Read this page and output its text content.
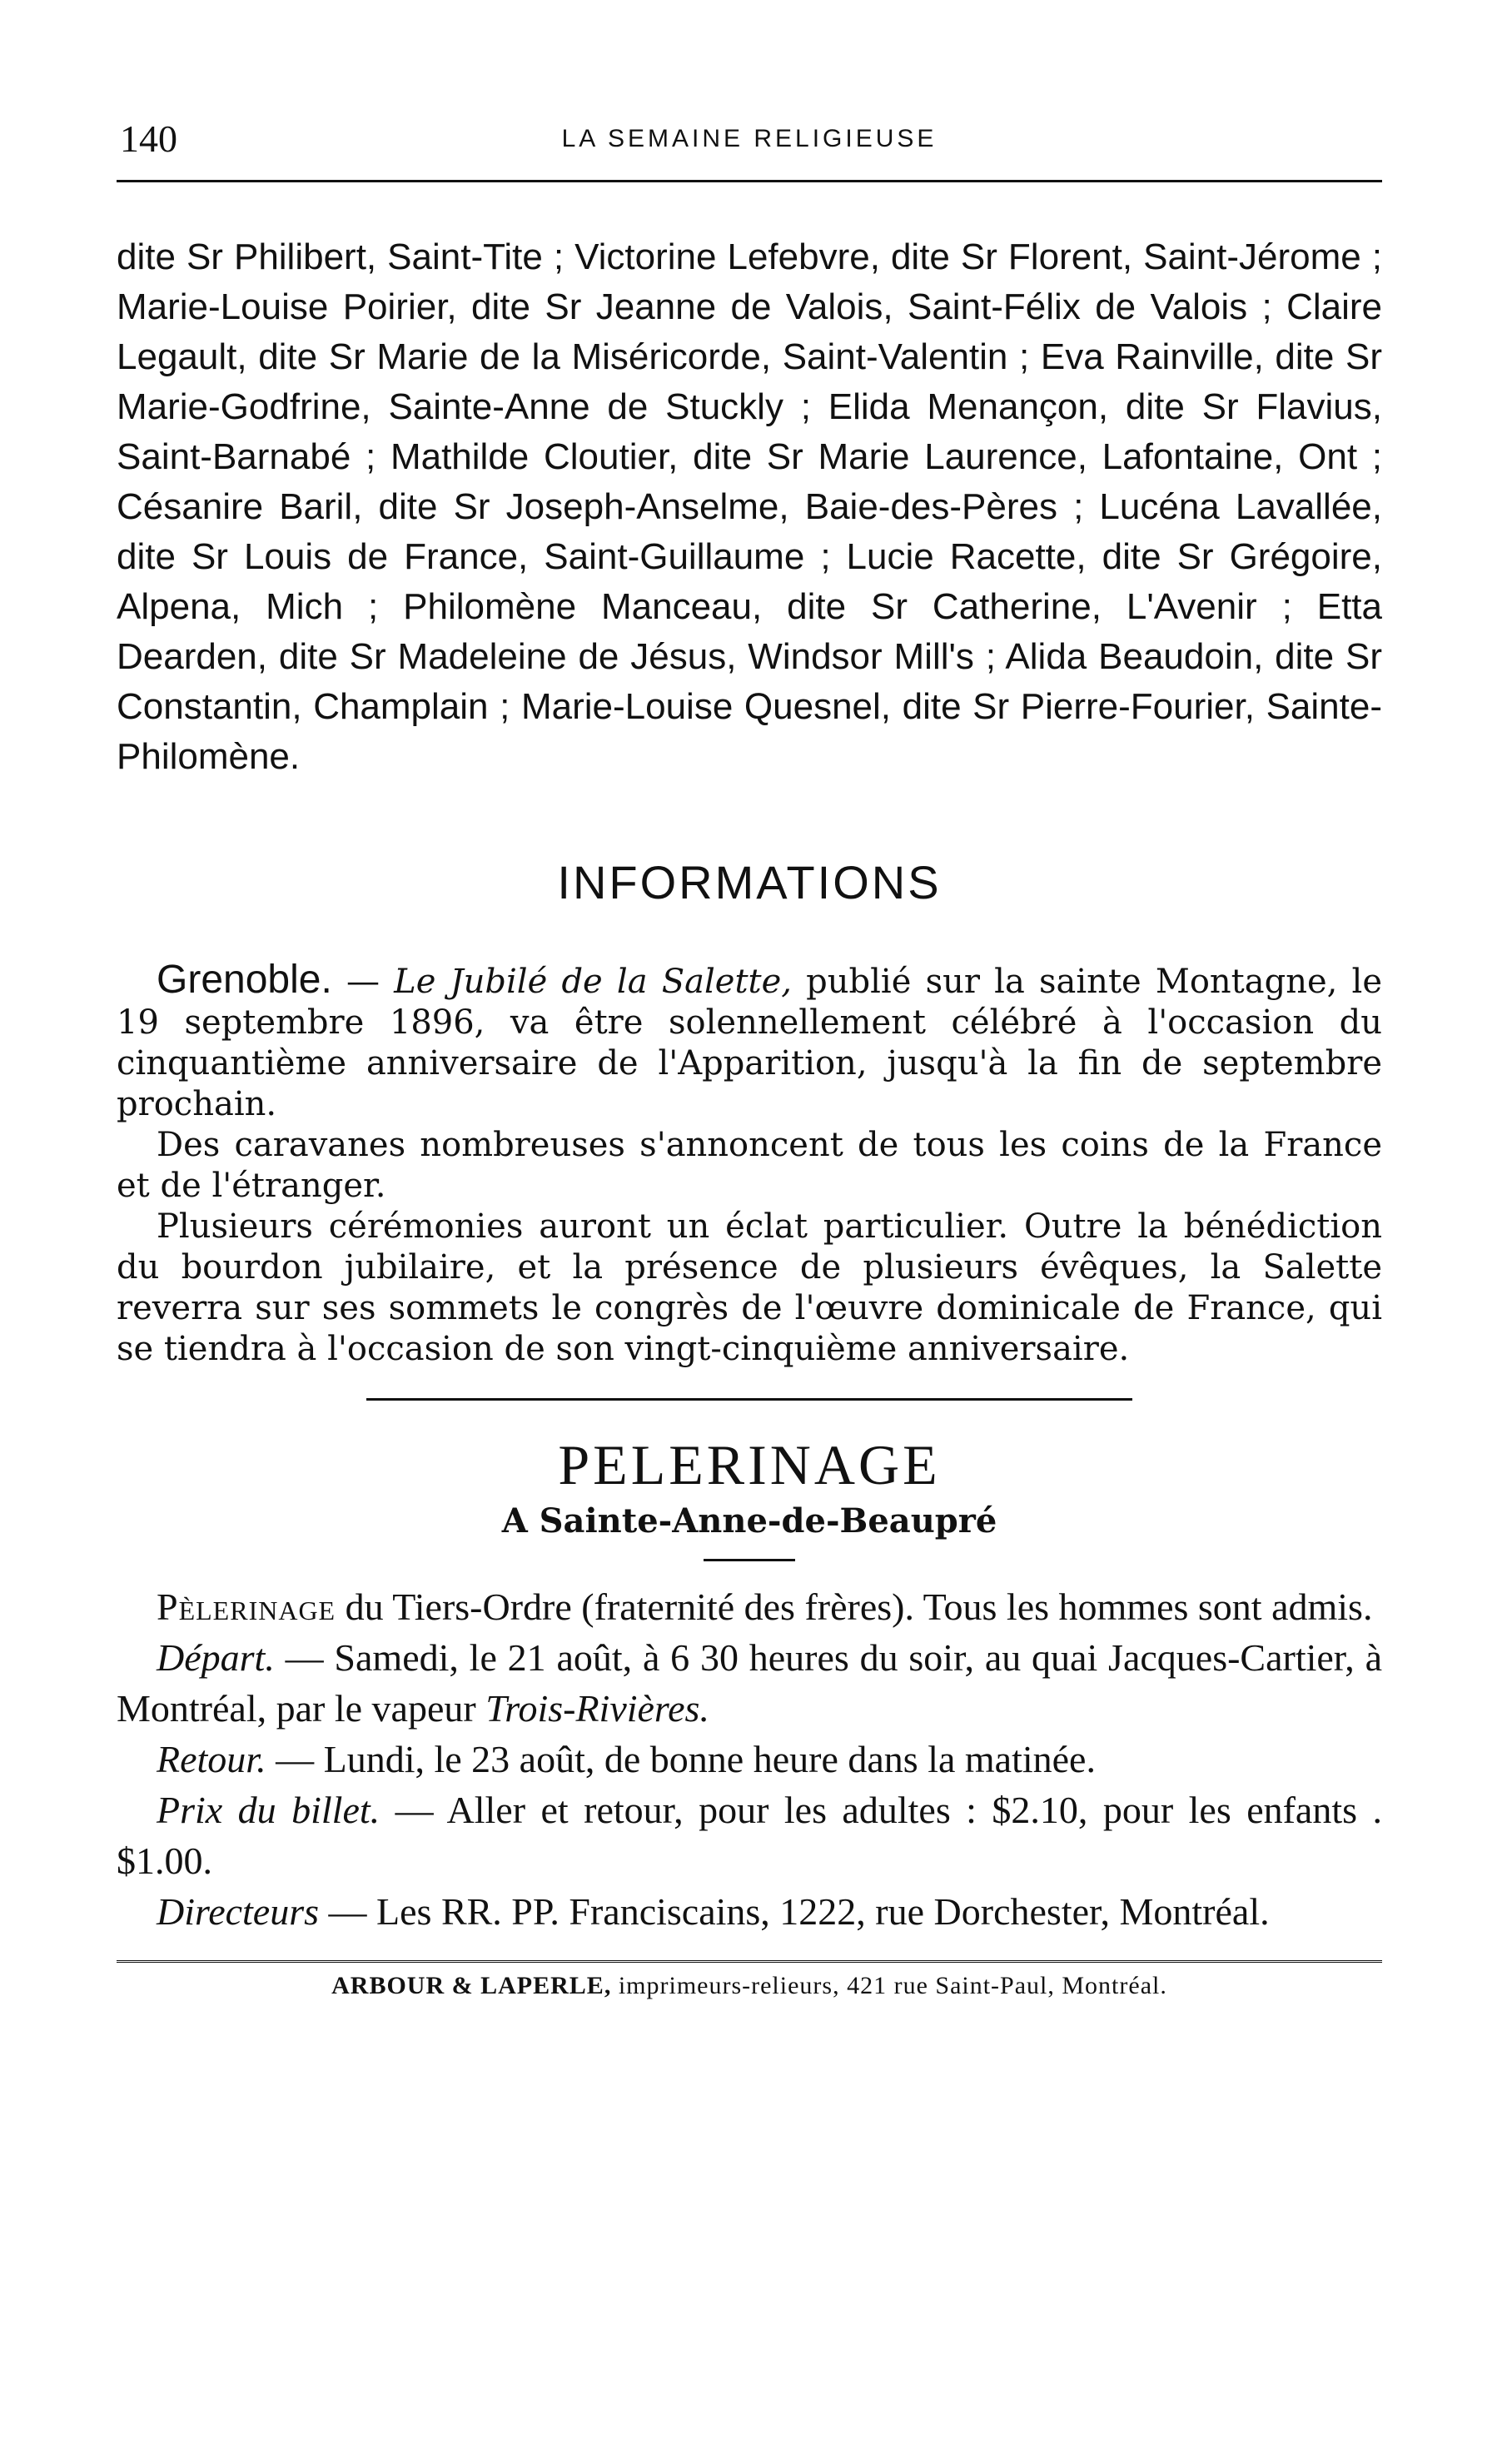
140	LA SEMAINE RELIGIEUSE

dite Sr Philibert, Saint-Tite ; Victorine Lefebvre, dite Sr Florent, Saint-Jérome ; Marie-Louise Poirier, dite Sr Jeanne de Valois, Saint-Félix de Valois ; Claire Legault, dite Sr Marie de la Miséricorde, Saint-Valentin ; Eva Rainville, dite Sr Marie-Godfrine, Sainte-Anne de Stuckly ; Elida Menançon, dite Sr Flavius, Saint-Barnabé ; Mathilde Cloutier, dite Sr Marie Laurence, Lafontaine, Ont ; Césanire Baril, dite Sr Joseph-Anselme, Baie-des-Pères ; Lucéna Lavallée, dite Sr Louis de France, Saint-Guillaume ; Lucie Racette, dite Sr Grégoire, Alpena, Mich ; Philomène Manceau, dite Sr Catherine, L'Avenir ; Etta Dearden, dite Sr Madeleine de Jésus, Windsor Mill's ; Alida Beaudoin, dite Sr Constantin, Champlain ; Marie-Louise Quesnel, dite Sr Pierre-Fourier, Sainte-Philomène.

INFORMATIONS

Grenoble. — Le Jubilé de la Salette, publié sur la sainte Montagne, le 19 septembre 1896, va être solennellement célébré à l'occasion du cinquantième anniversaire de l'Apparition, jusqu'à la fin de septembre prochain.

Des caravanes nombreuses s'annoncent de tous les coins de la France et de l'étranger.

Plusieurs cérémonies auront un éclat particulier. Outre la bénédiction du bourdon jubilaire, et la présence de plusieurs évêques, la Salette reverra sur ses sommets le congrès de l'œuvre dominicale de France, qui se tiendra à l'occasion de son vingt-cinquième anniversaire.

PELERINAGE
A Sainte-Anne-de-Beaupré

Pèlerinage du Tiers-Ordre (fraternité des frères). Tous les hommes sont admis.

Départ. — Samedi, le 21 août, à 6 30 heures du soir, au quai Jacques-Cartier, à Montréal, par le vapeur Trois-Rivières.

Retour. — Lundi, le 23 août, de bonne heure dans la matinée.

Prix du billet. — Aller et retour, pour les adultes : $2.10, pour les enfants . $1.00.

Directeurs — Les RR. PP. Franciscains, 1222, rue Dorchester, Montréal.

ARBOUR & LAPERLE, imprimeurs-relieurs, 421 rue Saint-Paul, Montréal.
